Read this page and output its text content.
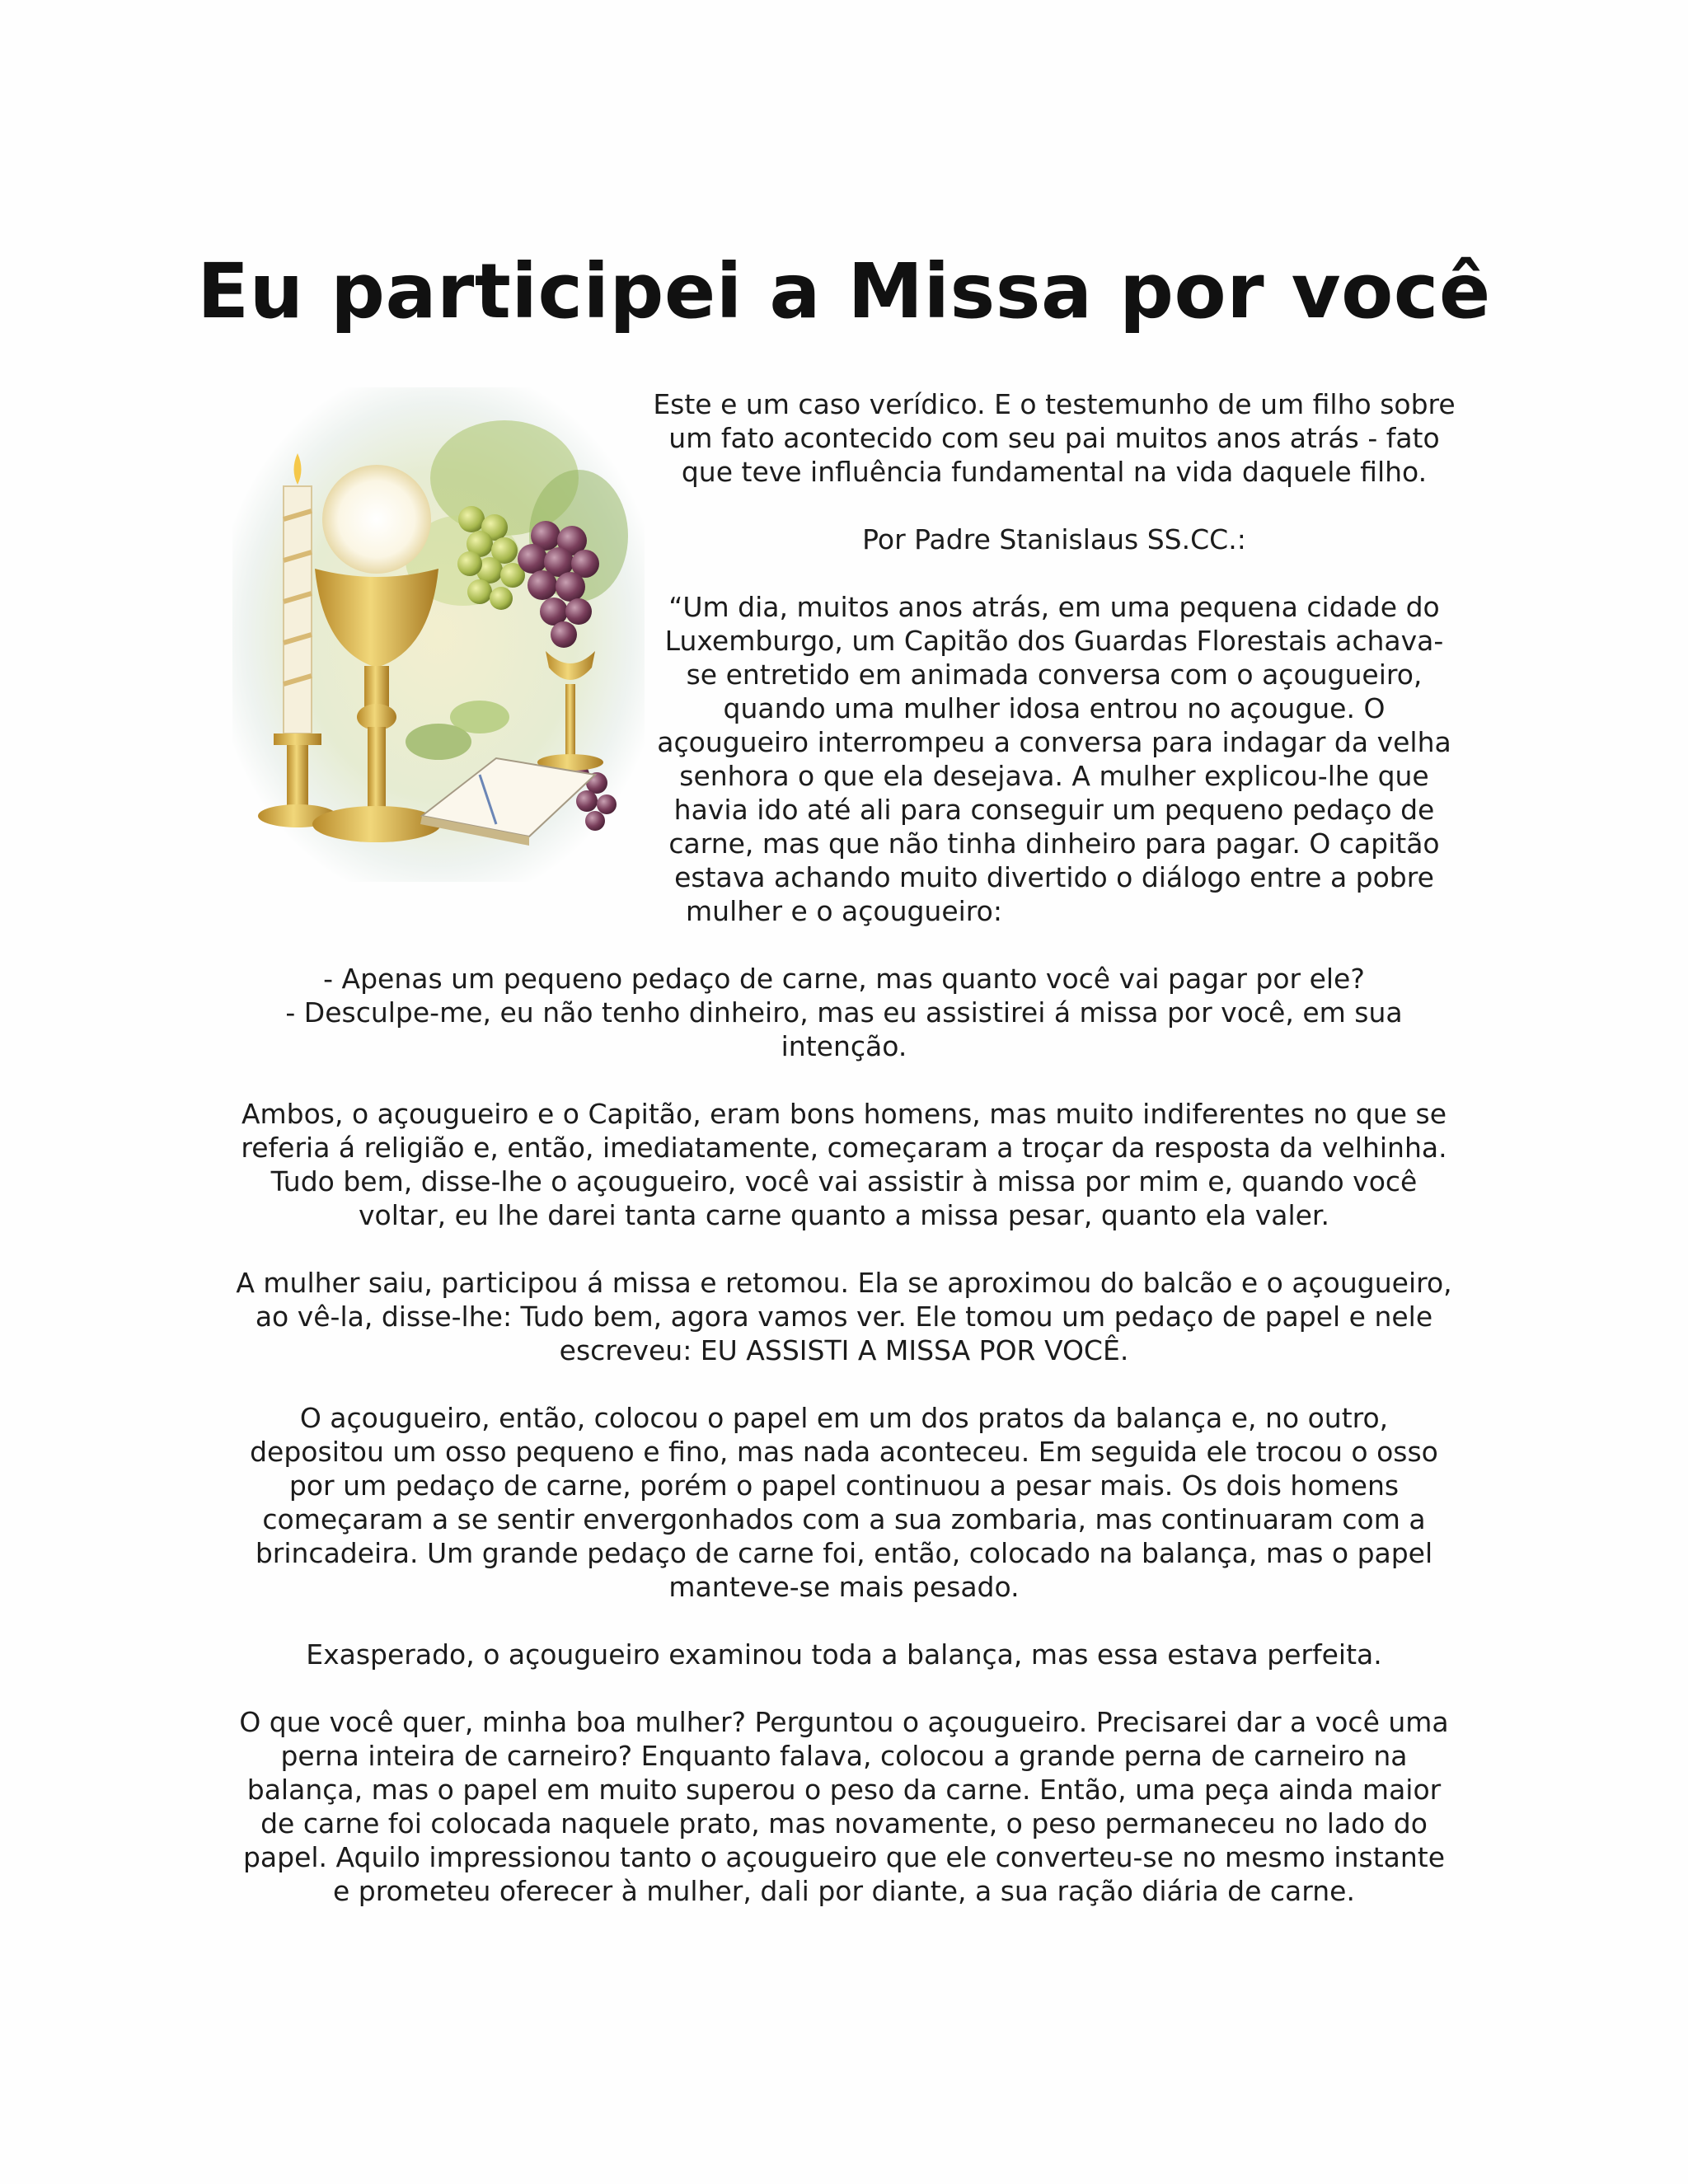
Eu participei a Missa por você

Este e um caso verídico. E o testemunho de um filho sobre um fato acontecido com seu pai muitos anos atrás - fato que teve influência fundamental na vida daquele filho.

Por Padre Stanislaus SS.CC.:

“Um dia, muitos anos atrás, em uma pequena cidade do Luxemburgo, um Capitão dos Guardas Florestais achava-se entretido em animada conversa com o açougueiro, quando uma mulher idosa entrou no açougue. O açougueiro interrompeu a conversa para indagar da velha senhora o que ela desejava. A mulher explicou-lhe que havia ido até ali para conseguir um pequeno pedaço de carne, mas que não tinha dinheiro para pagar. O capitão estava achando muito divertido o diálogo entre a pobre mulher e o açougueiro:

- Apenas um pequeno pedaço de carne, mas quanto você vai pagar por ele?

- Desculpe-me, eu não tenho dinheiro, mas eu assistirei á missa por você, em sua intenção.

Ambos, o açougueiro e o Capitão, eram bons homens, mas muito indiferentes no que se referia á religião e, então, imediatamente, começaram a troçar da resposta da velhinha. Tudo bem, disse-lhe o açougueiro, você vai assistir à missa por mim e, quando você voltar, eu lhe darei tanta carne quanto a missa pesar, quanto ela valer.

A mulher saiu, participou á missa e retomou. Ela se aproximou do balcão e o açougueiro, ao vê-la, disse-lhe: Tudo bem, agora vamos ver. Ele tomou um pedaço de papel e nele escreveu: EU ASSISTI A MISSA POR VOCÊ.

O açougueiro, então, colocou o papel em um dos pratos da balança e, no outro, depositou um osso pequeno e fino, mas nada aconteceu. Em seguida ele trocou o osso por um pedaço de carne, porém o papel continuou a pesar mais. Os dois homens começaram a se sentir envergonhados com a sua zombaria, mas continuaram com a brincadeira. Um grande pedaço de carne foi, então, colocado na balança, mas o papel manteve-se mais pesado.

Exasperado, o açougueiro examinou toda a balança, mas essa estava perfeita.

O que você quer, minha boa mulher? Perguntou o açougueiro. Precisarei dar a você uma perna inteira de carneiro? Enquanto falava, colocou a grande perna de carneiro na balança, mas o papel em muito superou o peso da carne. Então, uma peça ainda maior de carne foi colocada naquele prato, mas novamente, o peso permaneceu no lado do papel. Aquilo impressionou tanto o açougueiro que ele converteu-se no mesmo instante e prometeu oferecer à mulher, dali por diante, a sua ração diária de carne.
